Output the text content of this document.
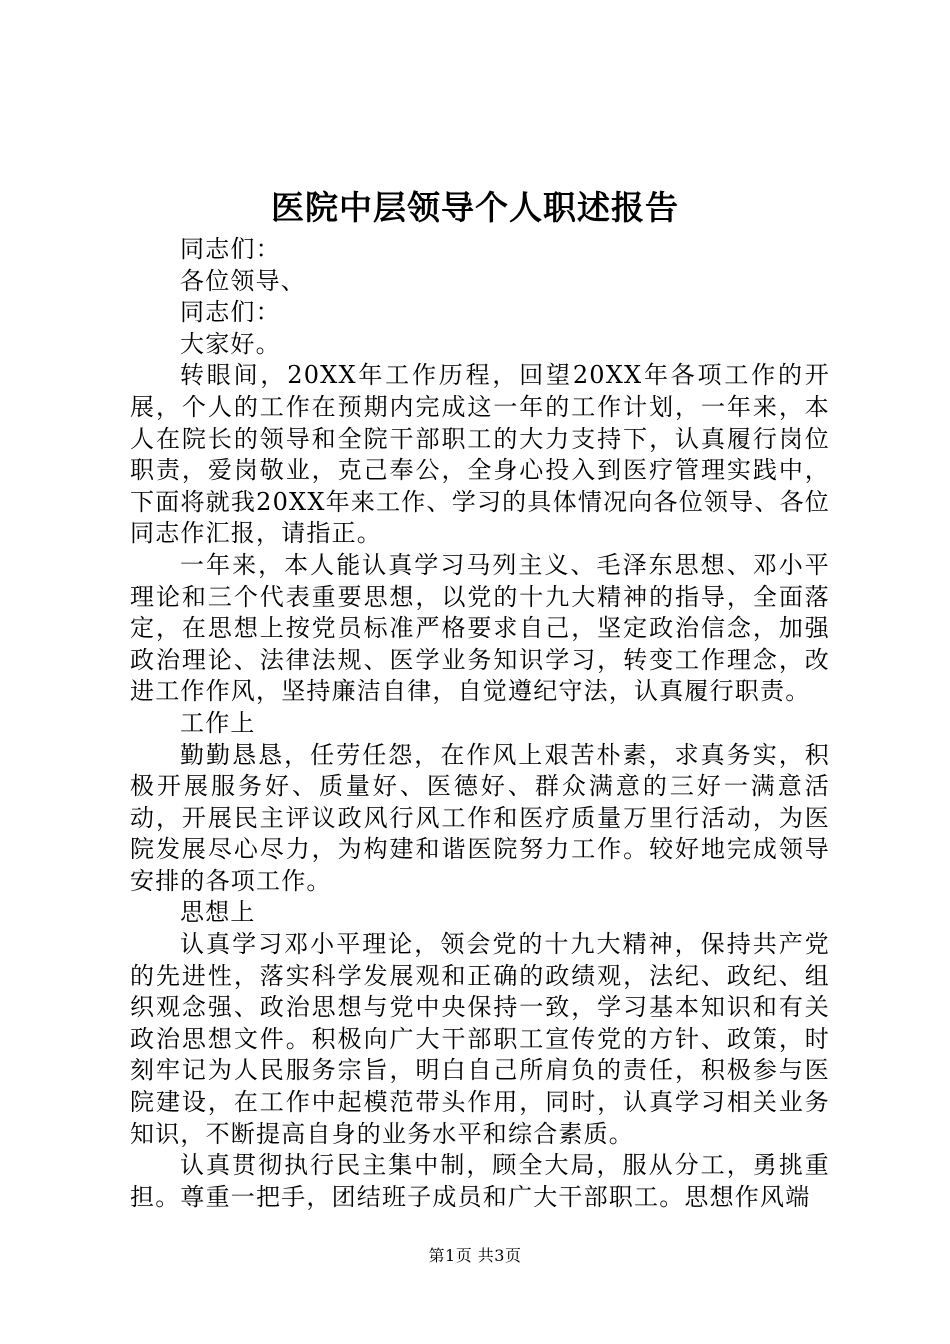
医院中层领导个人职述报告

同志们：

各位领导、

同志们：

大家好。

转眼间，20XX年工作历程，回望20XX年各项工作的开展，个人的工作在预期内完成这一年的工作计划，一年来，本人在院长的领导和全院干部职工的大力支持下，认真履行岗位职责，爱岗敬业，克己奉公，全身心投入到医疗管理实践中，下面将就我20XX年来工作、学习的具体情况向各位领导、各位同志作汇报，请指正。

一年来，本人能认真学习马列主义、毛泽东思想、邓小平理论和三个代表重要思想，以党的十九大精神的指导，全面落定，在思想上按党员标准严格要求自己，坚定政治信念，加强政治理论、法律法规、医学业务知识学习，转变工作理念，改进工作作风，坚持廉洁自律，自觉遵纪守法，认真履行职责。

工作上

勤勤恳恳，任劳任怨，在作风上艰苦朴素，求真务实，积极开展服务好、质量好、医德好、群众满意的三好一满意活动，开展民主评议政风行风工作和医疗质量万里行活动，为医院发展尽心尽力，为构建和谐医院努力工作。较好地完成领导安排的各项工作。

思想上

认真学习邓小平理论，领会党的十九大精神，保持共产党的先进性，落实科学发展观和正确的政绩观，法纪、政纪、组织观念强、政治思想与党中央保持一致，学习基本知识和有关政治思想文件。积极向广大干部职工宣传党的方针、政策，时刻牢记为人民服务宗旨，明白自己所肩负的责任，积极参与医院建设，在工作中起模范带头作用，同时，认真学习相关业务知识，不断提高自身的业务水平和综合素质。

认真贯彻执行民主集中制，顾全大局，服从分工，勇挑重担。尊重一把手，团结班子成员和广大干部职工。思想作风端

第1页 共3页
